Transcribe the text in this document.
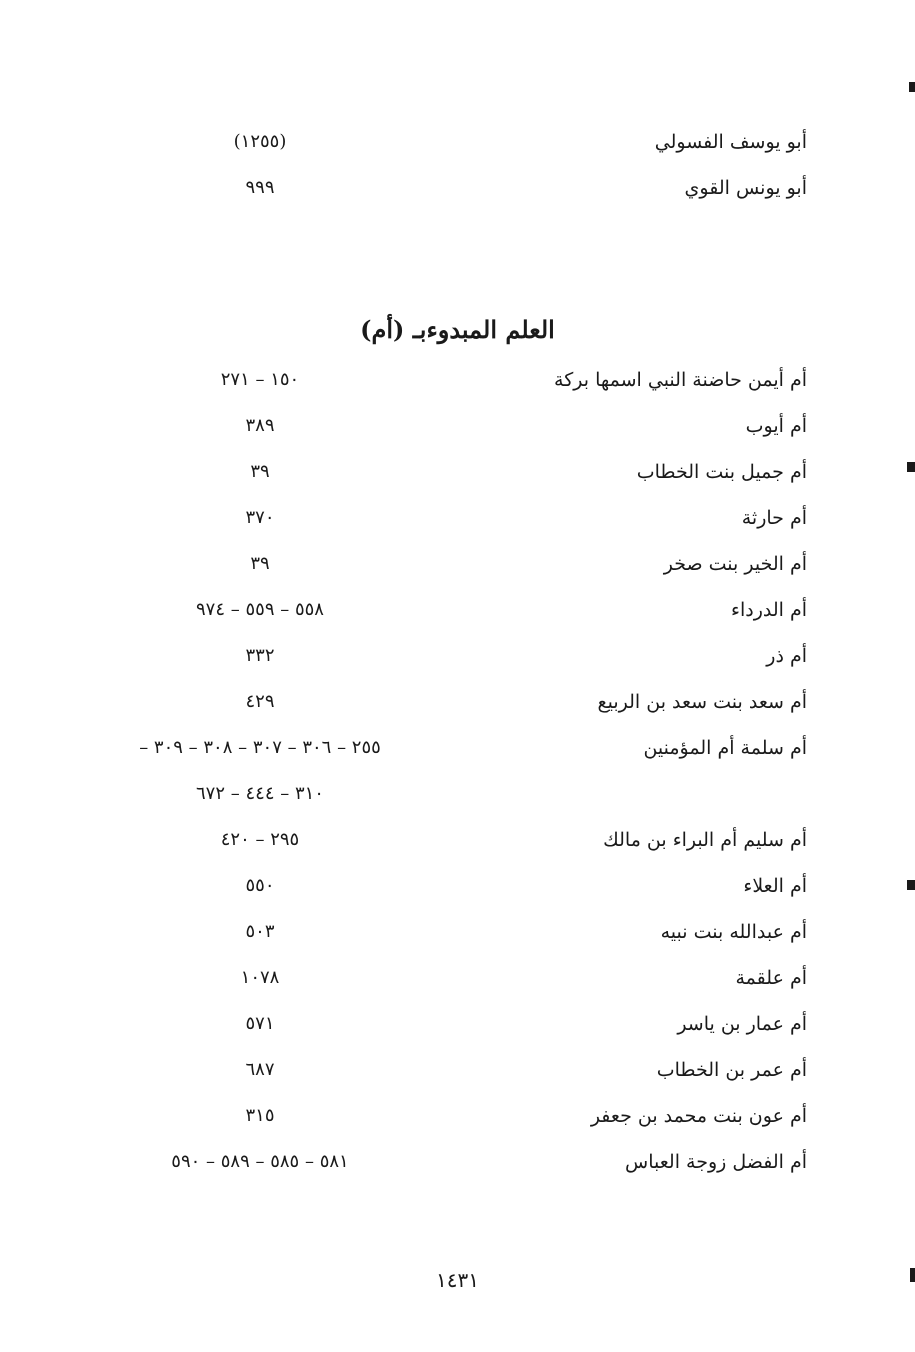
أبو يوسف الفسولي
(١٢٥٥)
أبو يونس القوي
٩٩٩
العلم المبدوءبـ (أم)
أم أيمن حاضنة النبي اسمها بركة
١٥٠ – ٢٧١
أم أيوب
٣٨٩
أم جميل بنت الخطاب
٣٩
أم حارثة
٣٧٠
أم الخير بنت صخر
٣٩
أم الدرداء
٥٥٨ – ٥٥٩ – ٩٧٤
أم ذر
٣٣٢
أم سعد بنت سعد بن الربيع
٤٢٩
أم سلمة أم المؤمنين
٢٥٥ – ٣٠٦ – ٣٠٧ – ٣٠٨ – ٣٠٩ –
٣١٠ – ٤٤٤ – ٦٧٢
أم سليم أم البراء بن مالك
٢٩٥ – ٤٢٠
أم العلاء
٥٥٠
أم عبدالله بنت نبيه
٥٠٣
أم علقمة
١٠٧٨
أم عمار بن ياسر
٥٧١
أم عمر بن الخطاب
٦٨٧
أم عون بنت محمد بن جعفر
٣١٥
أم الفضل زوجة العباس
٥٨١ – ٥٨٥ – ٥٨٩ – ٥٩٠
١٤٣١
